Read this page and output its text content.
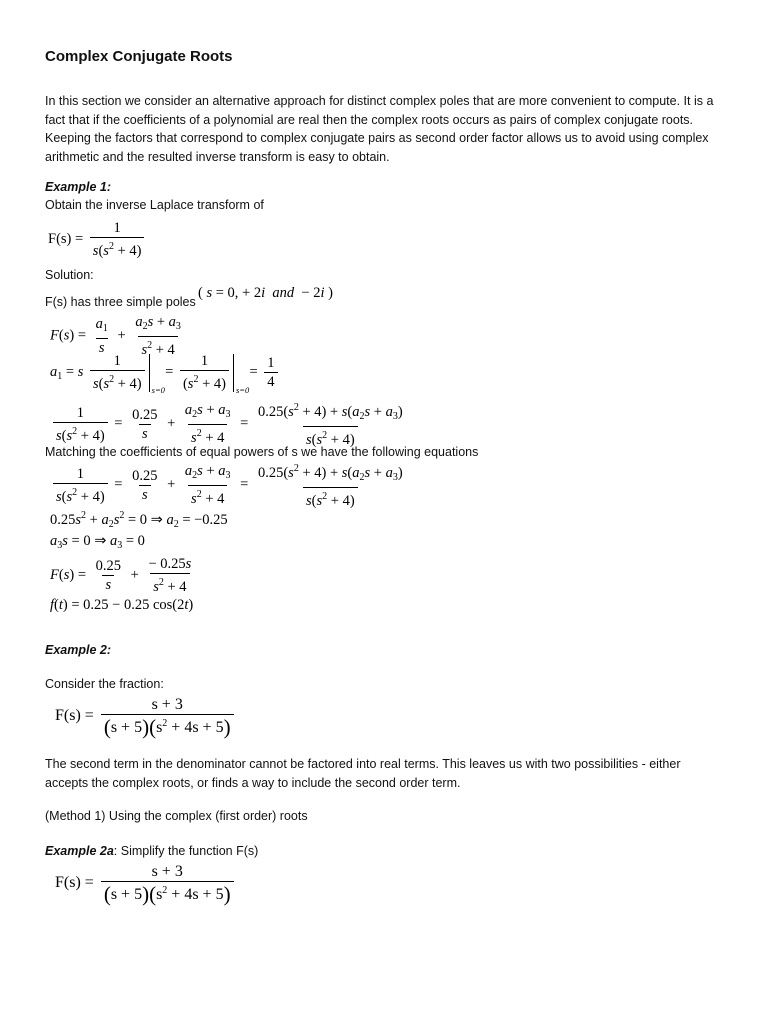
Complex Conjugate Roots
In this section we consider an alternative approach for distinct complex poles that are more convenient to compute. It is a fact that if the coefficients of a polynomial are real then the complex roots occurs as pairs of complex conjugate roots. Keeping the factors that correspond to complex conjugate pairs as second order factor allows us to avoid using complex arithmetic and the resulted inverse transform is easy to obtain.
Example 1:
Obtain the inverse Laplace transform of
$F(s) = \frac{1}{s(s^2 + 4)}$
Solution:
F(s) has three simple poles
( s = 0, + 2i and  − 2i )
$F(s) = \frac{a_1}{s} + \frac{a_2s + a_3}{s^2 + 4}$
$a_1 = s \frac{1}{s(s^2 + 4)} s=0$
= $\frac{1}{(s^2 + 4)} s=0$
= $\frac{1}{4}$
$\frac{1}{s(s^2 + 4)} = \frac{0.25}{s} + \frac{a_2s + a_3}{s^2 + 4} = \frac{0.25(s^2 + 4) + s(a_2s + a_3)}{s(s^2 + 4)}$
Matching the coefficients of equal powers of s we have the following equations
$\frac{1}{s(s^2 + 4)} = \frac{0.25}{s} + \frac{a_2s + a_3}{s^2 + 4} = \frac{0.25(s^2 + 4) + s(a_2s + a_3)}{s(s^2 + 4)}$
$0.25s^2 + a_2s^2 = 0$ ⇒ $a_2 = -0.25$
$a_3s = 0$ ⇒ $a_3 = 0$
$F(s) = \frac{0.25}{s} + \frac{- 0.25s}{s^2 + 4}$
f(t) = 0.25 − 0.25 cos(2t)
Example 2:
Consider the fraction:
$F(s) = \frac{s + 3}{(s + 5)(s^2 + 4s + 5)}$
The second term in the denominator cannot be factored into real terms. This leaves us with two possibilities - either accepts the complex roots, or finds a way to include the second order term.
(Method 1) Using the complex (first order) roots
Example 2a: Simplify the function F(s)
$F(s) = \frac{s + 3}{(s + 5)(s^2 + 4s + 5)}$
